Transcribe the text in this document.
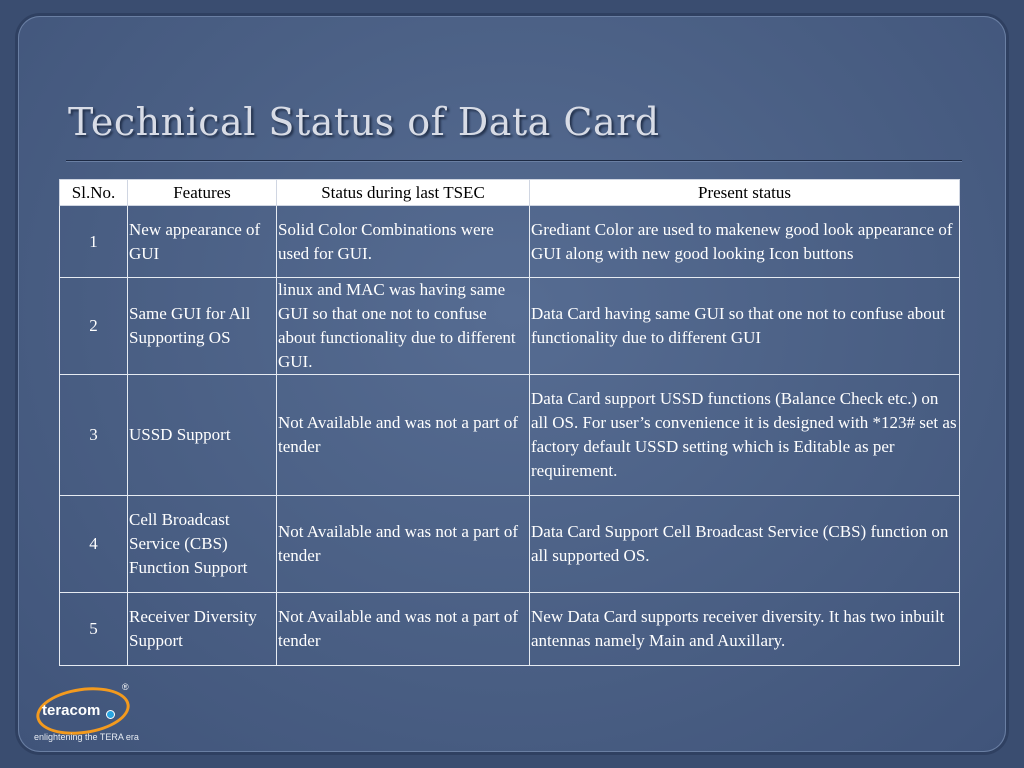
Technical Status of Data Card
Sl.No.	Features	Status during last TSEC	Present status
1	New appearance of GUI	Solid Color Combinations were used for GUI.	Grediant Color are used to makenew good look appearance of GUI along with new good looking Icon buttons
2	Same GUI for All Supporting OS	linux and MAC was having same GUI so that one not to confuse about functionality due to different GUI.	Data Card having same GUI so that one not to confuse about functionality due to different GUI
3	USSD Support	Not Available and was not a part of tender	Data Card support USSD functions (Balance Check etc.) on all OS. For user’s convenience it is designed with *123# set as factory default USSD setting which is Editable as per requirement.
4	Cell Broadcast Service (CBS) Function Support	Not Available and was not a part of tender	Data Card Support Cell Broadcast Service (CBS) function on all supported OS.
5	Receiver Diversity Support	Not Available and was not a part of tender	New Data Card supports receiver diversity. It has two inbuilt antennas namely Main and Auxillary.
teracom
®
enlightening the TERA era
